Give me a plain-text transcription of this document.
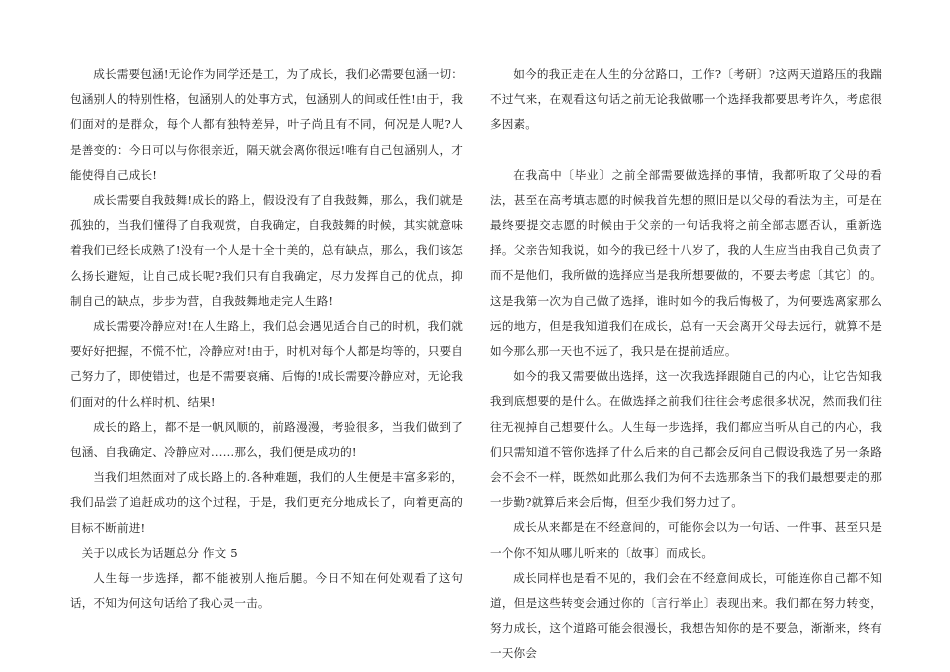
成长需要包涵!无论作为同学还是工，为了成长，我们必需要包涵一切：包涵别人的特别性格，包涵别人的处事方式，包涵别人的间或任性!由于，我们面对的是群众，每个人都有独特差异，叶子尚且有不同，何况是人呢?人是善变的：今日可以与你很亲近，隔天就会离你很远!唯有自己包涵别人，才能使得自己成长!

成长需要自我鼓舞!成长的路上，假设没有了自我鼓舞，那么，我们就是孤独的，当我们懂得了自我观赏，自我确定，自我鼓舞的时候，其实就意味着我们已经长成熟了!没有一个人是十全十美的，总有缺点，那么，我们该怎么扬长避短，让自己成长呢?我们只有自我确定，尽力发挥自己的优点，抑制自己的缺点，步步为营，自我鼓舞地走完人生路!

成长需要冷静应对!在人生路上，我们总会遇见适合自己的时机，我们就要好好把握，不慌不忙，冷静应对!由于，时机对每个人都是均等的，只要自己努力了，即使错过，也是不需要哀痛、后悔的!成长需要冷静应对，无论我们面对的什么样时机、结果!

成长的路上，都不是一帆风顺的，前路漫漫，考验很多，当我们做到了包涵、自我确定、冷静应对……那么，我们便是成功的!

当我们坦然面对了成长路上的.各种难题，我们的人生便是丰富多彩的，我们品尝了追赶成功的这个过程，于是，我们更充分地成长了，向着更高的目标不断前进!

关于以成长为话题总分 作文 5

人生每一步选择，都不能被别人拖后腿。今日不知在何处观看了这句话，不知为何这句话给了我心灵一击。

如今的我正走在人生的分岔路口，工作?〔考研〕?这两天道路压的我踹不过气来，在观看这句话之前无论我做哪一个选择我都要思考许久，考虑很多因素。

在我高中〔毕业〕之前全部需要做选择的事情，我都听取了父母的看法，甚至在高考填志愿的时候我首先想的照旧是以父母的看法为主，可是在最终要提交志愿的时候由于父亲的一句话我将之前全部志愿否认，重新选择。父亲告知我说，如今的我已经十八岁了，我的人生应当由我自己负责了而不是他们，我所做的选择应当是我所想要做的，不要去考虑〔其它〕的。这是我第一次为自己做了选择，谁时如今的我后悔极了，为何要选离家那么远的地方，但是我知道我们在成长，总有一天会离开父母去远行，就算不是如今那么那一天也不远了，我只是在提前适应。

如今的我又需要做出选择，这一次我选择跟随自己的内心，让它告知我我到底想要的是什么。在做选择之前我们往往会考虑很多状况，然而我们往往无视掉自己想要什么。人生每一步选择，我们都应当听从自己的内心，我们只需知道不管你选择了什么后来的自己都会反问自己假设我选了另一条路会不会不一样，既然如此那么我们为何不去选那条当下的我们最想要走的那一步勤?就算后来会后悔，但至少我们努力过了。

成长从来都是在不经意间的，可能你会以为一句话、一件事、甚至只是一个你不知从哪儿听来的〔故事〕而成长。

成长同样也是看不见的，我们会在不经意间成长，可能连你自己都不知道，但是这些转变会通过你的〔言行举止〕表现出来。我们都在努力转变，努力成长，这个道路可能会很漫长，我想告知你的是不要急，渐渐来，终有一天你会
